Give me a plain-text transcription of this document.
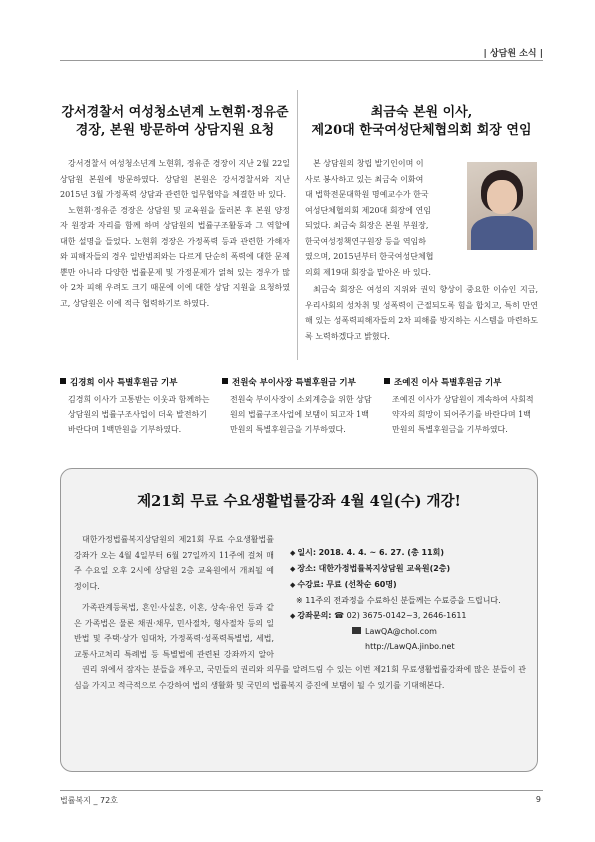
| 상담원 소식 |

강서경찰서 여성청소년계 노현휘·정유준

경장, 본원 방문하여 상담지원 요청

강서경찰서 여성청소년계 노현휘, 정유준 경장이 지난 2월 22일 상담원 본원에 방문하였다. 상담원 본원은 강서경찰서와 지난 2015년 3월 가정폭력 상담과 관련한 업무협약을 체결한 바 있다.

노현휘·정유준 경장은 상담원 및 교육원을 둘러본 후 본원 양정자 원장과 자리를 함께 하며 상담원의 법률구조활동과 그 역할에 대한 설명을 들었다. 노현휘 경장은 가정폭력 등과 관련한 가해자와 피해자들의 경우 일반범죄와는 다르게 단순히 폭력에 대한 문제뿐만 아니라 다양한 법률문제 및 가정문제가 얽혀 있는 경우가 많아 2차 피해 우려도 크기 때문에 이에 대한 상담 지원을 요청하였고, 상담원은 이에 적극 협력하기로 하였다.

최금숙 본원 이사,

제20대 한국여성단체협의회 회장 연임

본 상담원의 창립 발기인이며 이
사로 봉사하고 있는 최금숙 이화여
대 법학전문대학원 명예교수가 한국
여성단체협의회 제20대 회장에 연임
되었다. 최금숙 회장은 본원 부원장,
한국여성정책연구원장 등을 역임하
였으며, 2015년부터 한국여성단체협
의회 제19대 회장을 맡아온 바 있다.

최금숙 회장은 여성의 지위와 권익 향상이 중요한 이슈인 지금, 우리사회의 성차취 및 성폭력이 근절되도록 힘을 합치고, 특히 만연해 있는 성폭력피해자들의 2차 피해를 방지하는 시스템을 마련하도록 노력하겠다고 밝혔다.

김경희 이사 특별후원금 기부

김경희 이사가 고통받는 이웃과 함께하는 상담원의 법률구조사업이 더욱 발전하기 바란다며 1백만원을 기부하였다.

전원숙 부이사장 특별후원금 기부

전원숙 부이사장이 소외계층을 위한 상담원의 법률구조사업에 보탬이 되고자 1백만원의 특별후원금을 기부하였다.

조예진 이사 특별후원금 기부

조예진 이사가 상담원이 계속하여 사회적 약자의 희망이 되어주기를 바란다며 1백만원의 특별후원금을 기부하였다.

제21회 무료 수요생활법률강좌 4월 4일(수) 개강!

대한가정법률복지상담원의 제21회 무료 수요생활법률강좌가 오는 4월 4일부터 6월 27일까지 11주에 걸쳐 매주 수요일 오후 2시에 상담원 2층 교육원에서 개최될 예정이다.

가족관계등록법, 혼인·사실혼, 이혼, 상속·유언 등과 같은 가족법은 물론 채권·채무, 민사절차, 형사절차 등의 일반법 및 주택·상가 임대차, 가정폭력·성폭력특별법, 세법, 교통사고처리 특례법 등 특별법에 관련된 강좌까지 알아

◆ 일시: 2018. 4. 4. ~ 6. 27. (총 11회)

◆ 장소: 대한가정법률복지상담원 교육원(2층)

◆ 수강료: 무료 (선착순 60명)

※ 11주의 전과정을 수료하신 분들께는 수료증을 드립니다.

◆ 강좌문의: ☎ 02) 3675-0142~3, 2646-1611

LawQA@chol.com

http://LawQA.jinbo.net

권리 위에서 잠자는 분들을 깨우고, 국민들의 권리와 의무를 알려드림 수 있는 이번 제21회 무료생활법률강좌에 많은 분들이 관심을 가지고 적극적으로 수강하여 법의 생활화 및 국민의 법률복지 증진에 보탬이 될 수 있기를 기대해본다.

법률복지 _ 72호	9
